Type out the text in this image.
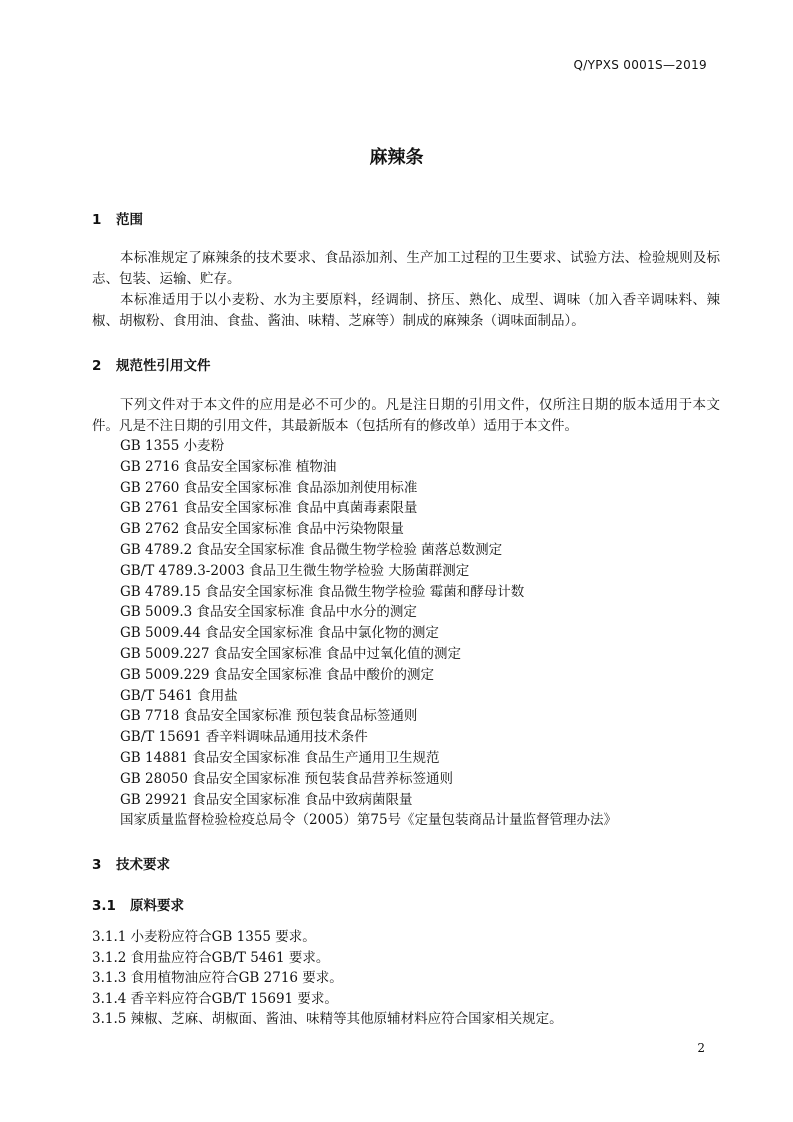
Q/YPXS 0001S—2019
麻辣条
1 范围
本标准规定了麻辣条的技术要求、食品添加剂、生产加工过程的卫生要求、试验方法、检验规则及标志、包装、运输、贮存。
本标准适用于以小麦粉、水为主要原料，经调制、挤压、熟化、成型、调味（加入香辛调味料、辣椒、胡椒粉、食用油、食盐、酱油、味精、芝麻等）制成的麻辣条（调味面制品）。
2 规范性引用文件
下列文件对于本文件的应用是必不可少的。凡是注日期的引用文件，仅所注日期的版本适用于本文件。凡是不注日期的引用文件，其最新版本（包括所有的修改单）适用于本文件。
GB 1355 小麦粉
GB 2716 食品安全国家标准 植物油
GB 2760 食品安全国家标准 食品添加剂使用标准
GB 2761 食品安全国家标准 食品中真菌毒素限量
GB 2762 食品安全国家标准 食品中污染物限量
GB 4789.2 食品安全国家标准 食品微生物学检验 菌落总数测定
GB/T 4789.3-2003 食品卫生微生物学检验 大肠菌群测定
GB 4789.15 食品安全国家标准 食品微生物学检验 霉菌和酵母计数
GB 5009.3 食品安全国家标准 食品中水分的测定
GB 5009.44 食品安全国家标准 食品中氯化物的测定
GB 5009.227 食品安全国家标准 食品中过氧化值的测定
GB 5009.229 食品安全国家标准 食品中酸价的测定
GB/T 5461 食用盐
GB 7718 食品安全国家标准 预包装食品标签通则
GB/T 15691 香辛料调味品通用技术条件
GB 14881 食品安全国家标准 食品生产通用卫生规范
GB 28050 食品安全国家标准 预包装食品营养标签通则
GB 29921 食品安全国家标准 食品中致病菌限量
国家质量监督检验检疫总局令（2005）第75号《定量包装商品计量监督管理办法》
3 技术要求
3.1 原料要求
3.1.1 小麦粉应符合GB 1355 要求。
3.1.2 食用盐应符合GB/T 5461 要求。
3.1.3 食用植物油应符合GB 2716 要求。
3.1.4 香辛料应符合GB/T 15691 要求。
3.1.5 辣椒、芝麻、胡椒面、酱油、味精等其他原辅材料应符合国家相关规定。
2
